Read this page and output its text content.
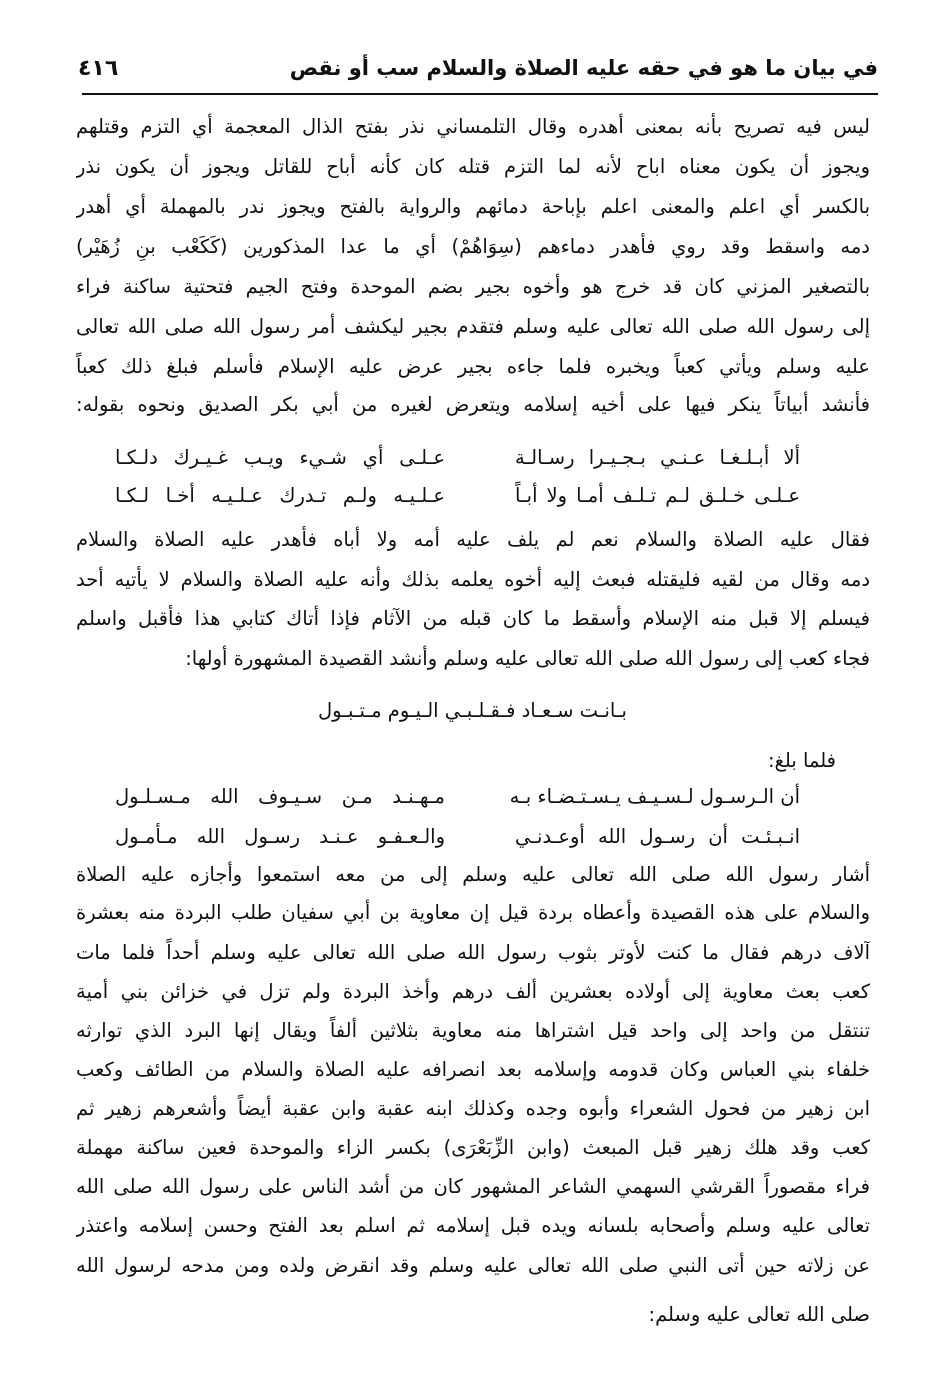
في بيان ما هو في حقه عليه الصلاة والسلام سب أو نقص
٤١٦
ليس فيه تصريح بأنه بمعنى أهدره وقال التلمساني نذر بفتح الذال المعجمة أي التزم وقتلهم
ويجوز أن يكون معناه اباح لأنه لما التزم قتله كان كأنه أباح للقاتل ويجوز أن يكون نذر
بالكسر أي اعلم والمعنى اعلم بإباحة دمائهم والرواية بالفتح ويجوز ندر بالمهملة أي أهدر
دمه واسقط وقد روي فأهدر دماءهم (سِوَاهُمْ) أي ما عدا المذكورين (كَكَعْب بنِ زُهَيْر)
بالتصغير المزني كان قد خرج هو وأخوه بجير بضم الموحدة وفتح الجيم فتحتية ساكنة فراء
إلى رسول الله صلى الله تعالى عليه وسلم فتقدم بجير ليكشف أمر رسول الله صلى الله تعالى
عليه وسلم ويأتي كعباً ويخبره فلما جاءه بجير عرض عليه الإسلام فأسلم فبلغ ذلك كعباً
فأنشد أبياتاً ينكر فيها على أخيه إسلامه ويتعرض لغيره من أبي بكر الصديق ونحوه بقوله:
ألا أبـلـغـا عـنـي بـجـيـرا رسـالـة
عـلـى أي شـيء ويـب غـيـرك دلـكـا
عـلـى خـلـق لـم تـلـف أمـا ولا أبـاً
عـلـيـه ولـم تـدرك عـلـيـه أخـا لـكـا
فقال عليه الصلاة والسلام نعم لم يلف عليه أمه ولا أباه فأهدر عليه الصلاة والسلام
دمه وقال من لقيه فليقتله فبعث إليه أخوه يعلمه بذلك وأنه عليه الصلاة والسلام لا يأتيه أحد
فيسلم إلا قبل منه الإسلام وأسقط ما كان قبله من الآثام فإذا أتاك كتابي هذا فأقبل واسلم
فجاء كعب إلى رسول الله صلى الله تعالى عليه وسلم وأنشد القصيدة المشهورة أولها:
بـانـت سـعـاد فـقـلـبـي الـيـوم مـتـبـول
فلما بلغ:
أن الـرسـول لـسـيـف يـسـتـضـاء بـه
مـهـنـد مـن سـيـوف الله مـسـلـول
انـبـئـت أن رسـول الله أوعـدنـي
والـعـفـو عـنـد رسـول الله مـأمـول
أشار رسول الله صلى الله تعالى عليه وسلم إلى من معه استمعوا وأجازه عليه الصلاة
والسلام على هذه القصيدة وأعطاه بردة قيل إن معاوية بن أبي سفيان طلب البردة منه بعشرة
آلاف درهم فقال ما كنت لأوتر بثوب رسول الله صلى الله تعالى عليه وسلم أحداً فلما مات
كعب بعث معاوية إلى أولاده بعشرين ألف درهم وأخذ البردة ولم تزل في خزائن بني أمية
تنتقل من واحد إلى واحد قيل اشتراها منه معاوية بثلاثين ألفاً ويقال إنها البرد الذي توارثه
خلفاء بني العباس وكان قدومه وإسلامه بعد انصرافه عليه الصلاة والسلام من الطائف وكعب
ابن زهير من فحول الشعراء وأبوه وجده وكذلك ابنه عقبة وابن عقبة أيضاً وأشعرهم زهير ثم
كعب وقد هلك زهير قبل المبعث (وابن الزِّبَعْرَى) بكسر الزاء والموحدة فعين ساكنة مهملة
فراء مقصوراً القرشي السهمي الشاعر المشهور كان من أشد الناس على رسول الله صلى الله
تعالى عليه وسلم وأصحابه بلسانه ويده قبل إسلامه ثم اسلم بعد الفتح وحسن إسلامه واعتذر
عن زلاته حين أتى النبي صلى الله تعالى عليه وسلم وقد انقرض ولده ومن مدحه لرسول الله
صلى الله تعالى عليه وسلم:
